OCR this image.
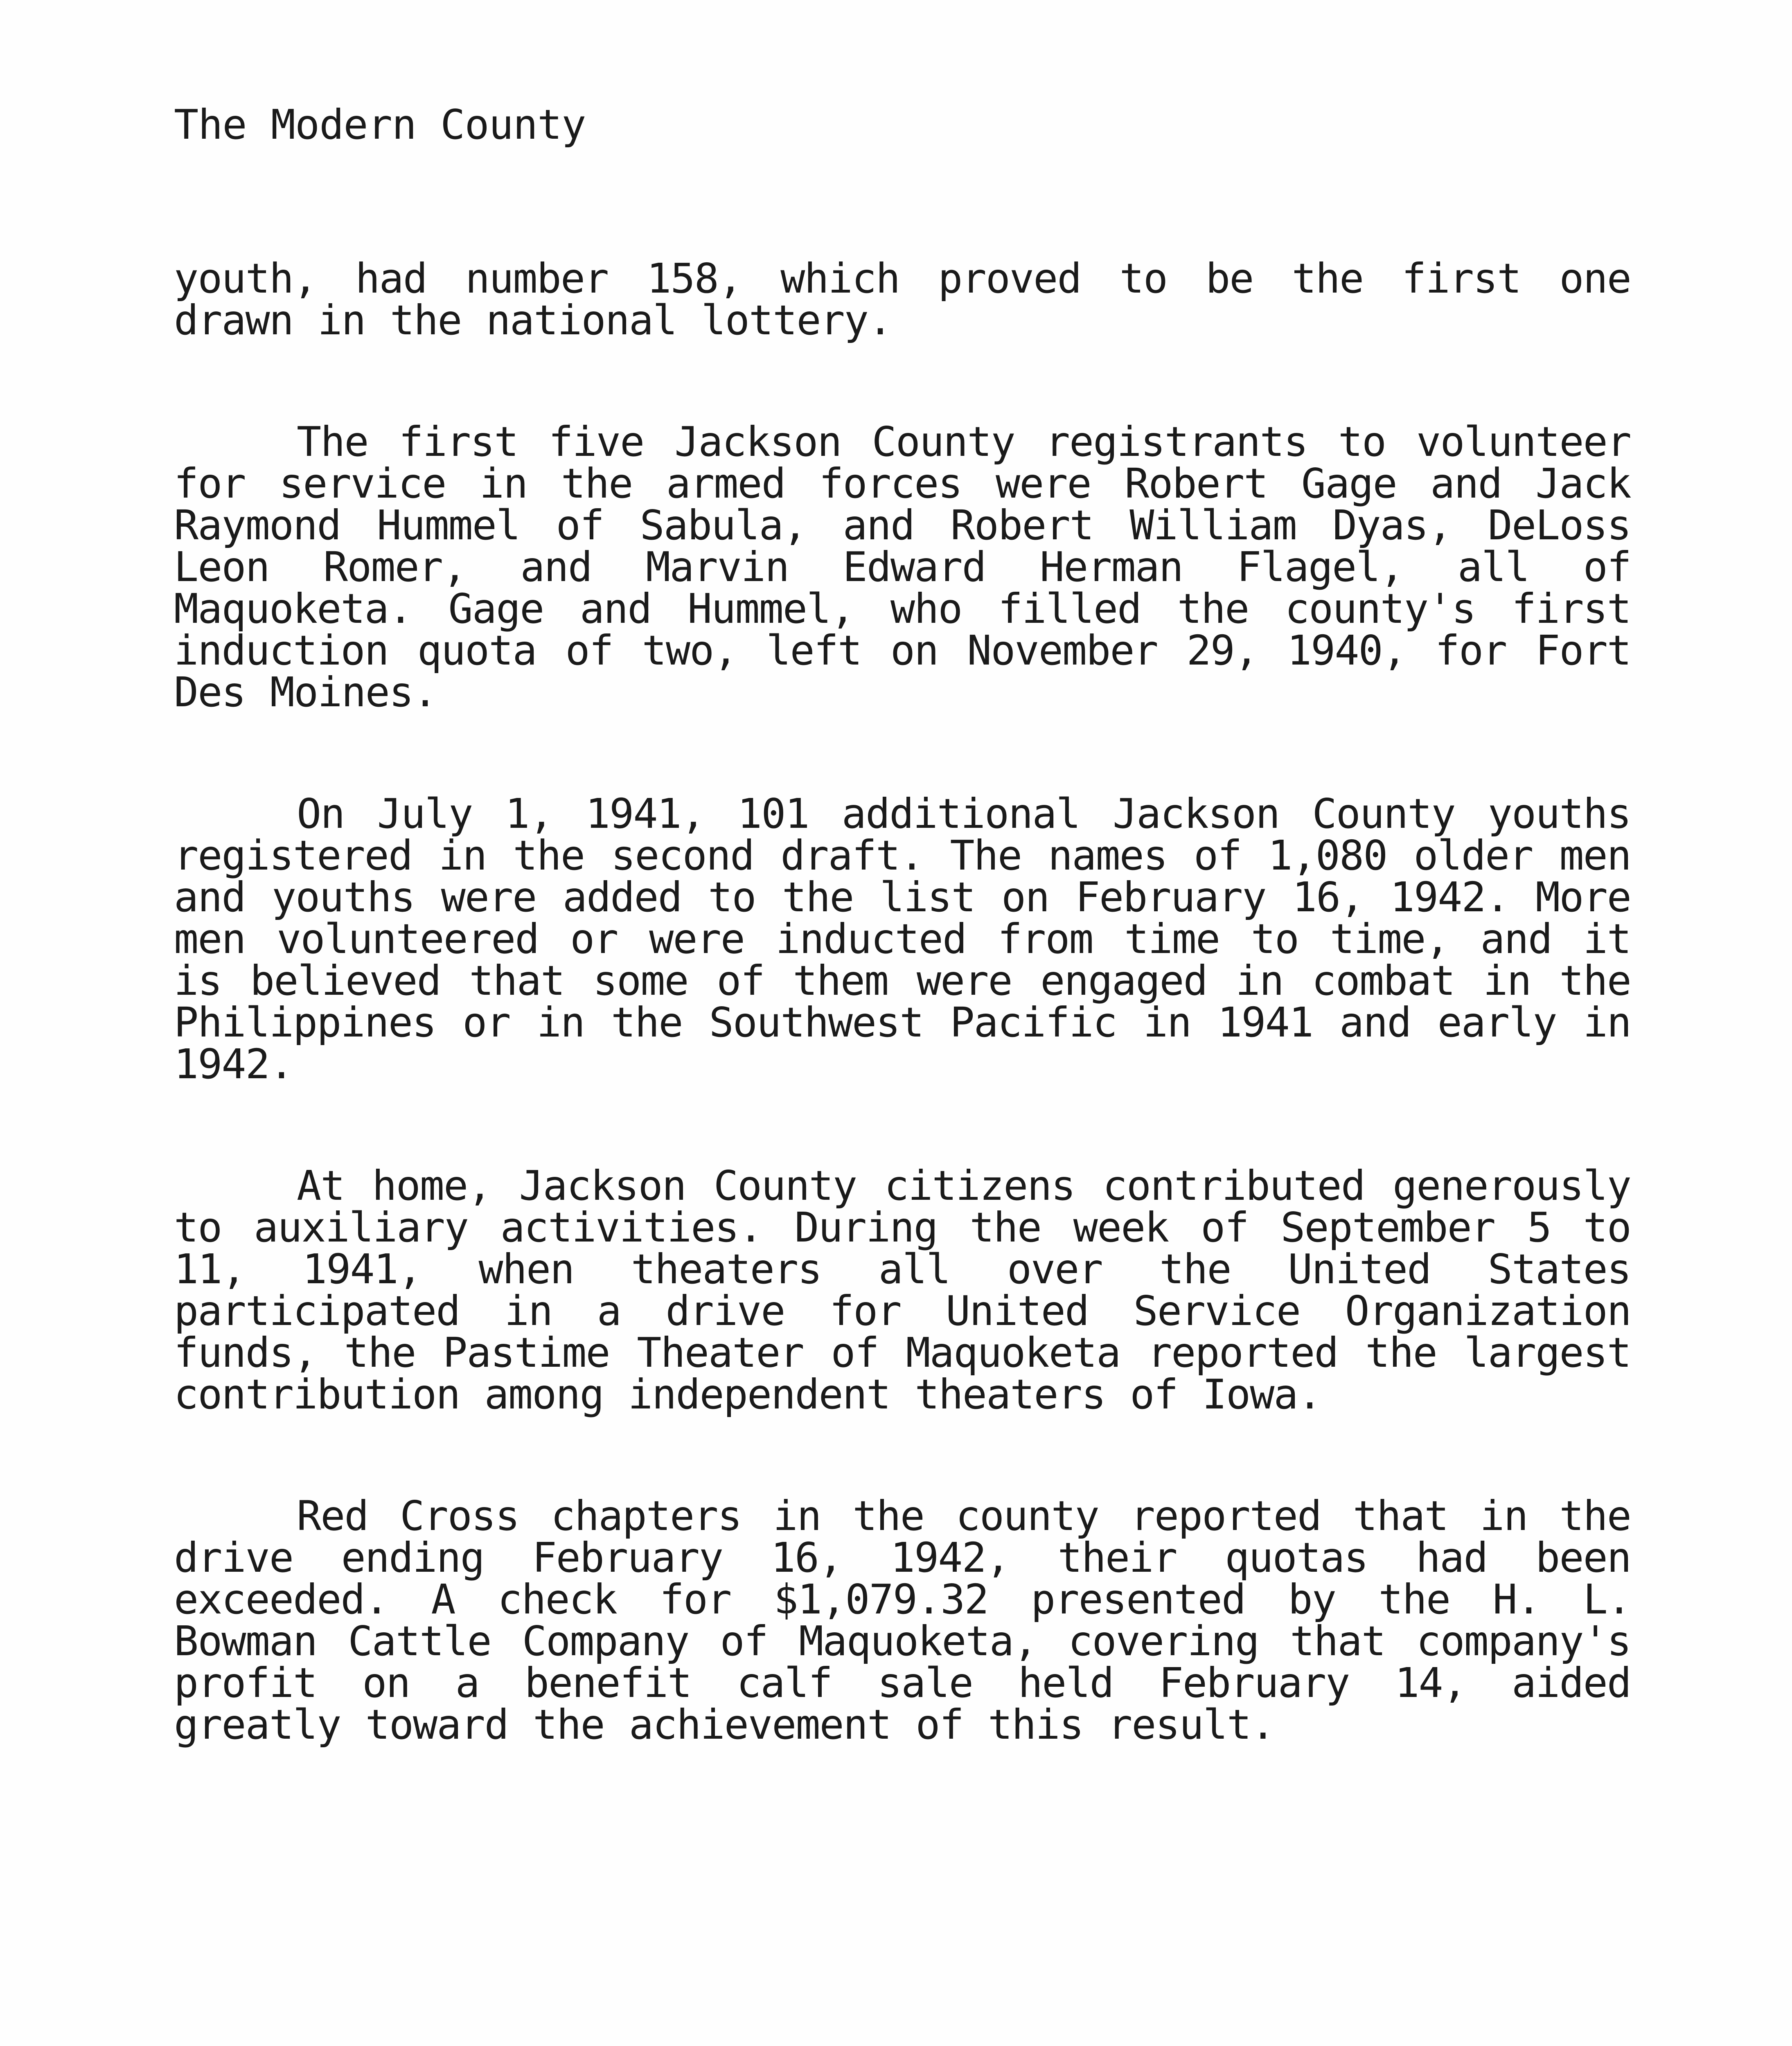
The Modern County

youth, had number 158, which proved to be the first one drawn in the national lottery.

The first five Jackson County registrants to volunteer for service in the armed forces were Robert Gage and Jack Raymond Hummel of Sabula, and Robert William Dyas, DeLoss Leon Romer, and Marvin Edward Herman Flagel, all of Maquoketa. Gage and Hummel, who filled the county's first induction quota of two, left on November 29, 1940, for Fort Des Moines.

On July 1, 1941, 101 additional Jackson County youths registered in the second draft. The names of 1,080 older men and youths were added to the list on February 16, 1942. More men volunteered or were inducted from time to time, and it is believed that some of them were engaged in combat in the Philippines or in the Southwest Pacific in 1941 and early in 1942.

At home, Jackson County citizens contributed generously to auxiliary activities. During the week of September 5 to 11, 1941, when theaters all over the United States participated in a drive for United Service Organization funds, the Pastime Theater of Maquoketa reported the largest contribution among independent theaters of Iowa.

Red Cross chapters in the county reported that in the drive ending February 16, 1942, their quotas had been exceeded. A check for $1,079.32 presented by the H. L. Bowman Cattle Company of Maquoketa, covering that company's profit on a benefit calf sale held February 14, aided greatly toward the achievement of this result.
